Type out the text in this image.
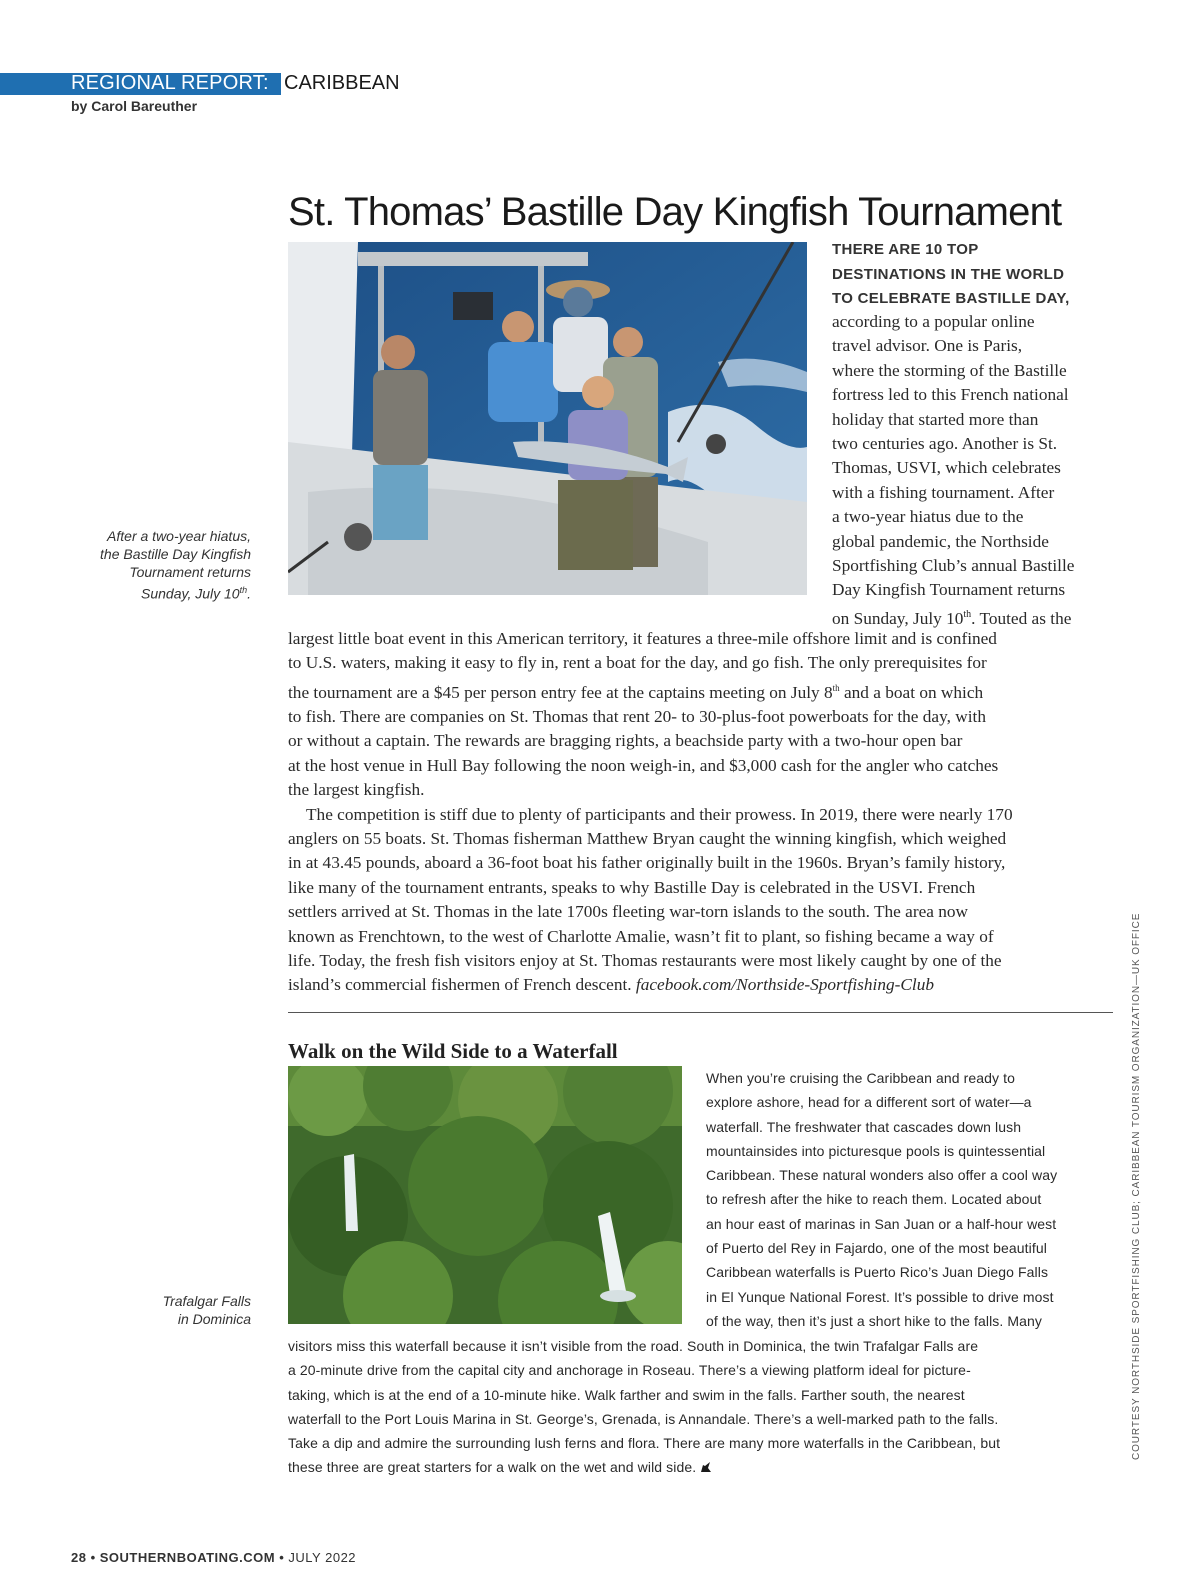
REGIONAL REPORT: CARIBBEAN
by Carol Bareuther
St. Thomas’ Bastille Day Kingfish Tournament
After a two-year hiatus,
the Bastille Day Kingfish
Tournament returns
Sunday, July 10th.
THERE ARE 10 TOP
DESTINATIONS IN THE WORLD
TO CELEBRATE BASTILLE DAY,
according to a popular online
travel advisor. One is Paris,
where the storming of the Bastille
fortress led to this French national
holiday that started more than
two centuries ago. Another is St.
Thomas, USVI, which celebrates
with a fishing tournament. After
a two-year hiatus due to the
global pandemic, the Northside
Sportfishing Club’s annual Bastille
Day Kingfish Tournament returns
on Sunday, July 10th. Touted as the
largest little boat event in this American territory, it features a three-mile offshore limit and is confined
to U.S. waters, making it easy to fly in, rent a boat for the day, and go fish. The only prerequisites for
the tournament are a $45 per person entry fee at the captains meeting on July 8th and a boat on which
to fish. There are companies on St. Thomas that rent 20- to 30-plus-foot powerboats for the day, with
or without a captain. The rewards are bragging rights, a beachside party with a two-hour open bar
at the host venue in Hull Bay following the noon weigh-in, and $3,000 cash for the angler who catches
the largest kingfish.
The competition is stiff due to plenty of participants and their prowess. In 2019, there were nearly 170
anglers on 55 boats. St. Thomas fisherman Matthew Bryan caught the winning kingfish, which weighed
in at 43.45 pounds, aboard a 36-foot boat his father originally built in the 1960s. Bryan’s family history,
like many of the tournament entrants, speaks to why Bastille Day is celebrated in the USVI. French
settlers arrived at St. Thomas in the late 1700s fleeting war-torn islands to the south. The area now
known as Frenchtown, to the west of Charlotte Amalie, wasn’t fit to plant, so fishing became a way of
life. Today, the fresh fish visitors enjoy at St. Thomas restaurants were most likely caught by one of the
island’s commercial fishermen of French descent. facebook.com/Northside-Sportfishing-Club
Walk on the Wild Side to a Waterfall
Trafalgar Falls
in Dominica
When you’re cruising the Caribbean and ready to
explore ashore, head for a different sort of water—a
waterfall. The freshwater that cascades down lush
mountainsides into picturesque pools is quintessential
Caribbean. These natural wonders also offer a cool way
to refresh after the hike to reach them. Located about
an hour east of marinas in San Juan or a half-hour west
of Puerto del Rey in Fajardo, one of the most beautiful
Caribbean waterfalls is Puerto Rico’s Juan Diego Falls
in El Yunque National Forest. It’s possible to drive most
of the way, then it’s just a short hike to the falls. Many
visitors miss this waterfall because it isn’t visible from the road. South in Dominica, the twin Trafalgar Falls are
a 20-minute drive from the capital city and anchorage in Roseau. There’s a viewing platform ideal for picture-
taking, which is at the end of a 10-minute hike. Walk farther and swim in the falls. Farther south, the nearest
waterfall to the Port Louis Marina in St. George’s, Grenada, is Annandale. There’s a well-marked path to the falls.
Take a dip and admire the surrounding lush ferns and flora. There are many more waterfalls in the Caribbean, but
these three are great starters for a walk on the wet and wild side.
COURTESY NORTHSIDE SPORTFISHING CLUB; CARIBBEAN TOURISM ORGANIZATION—UK OFFICE
28 • SOUTHERNBOATING.COM • JULY 2022
